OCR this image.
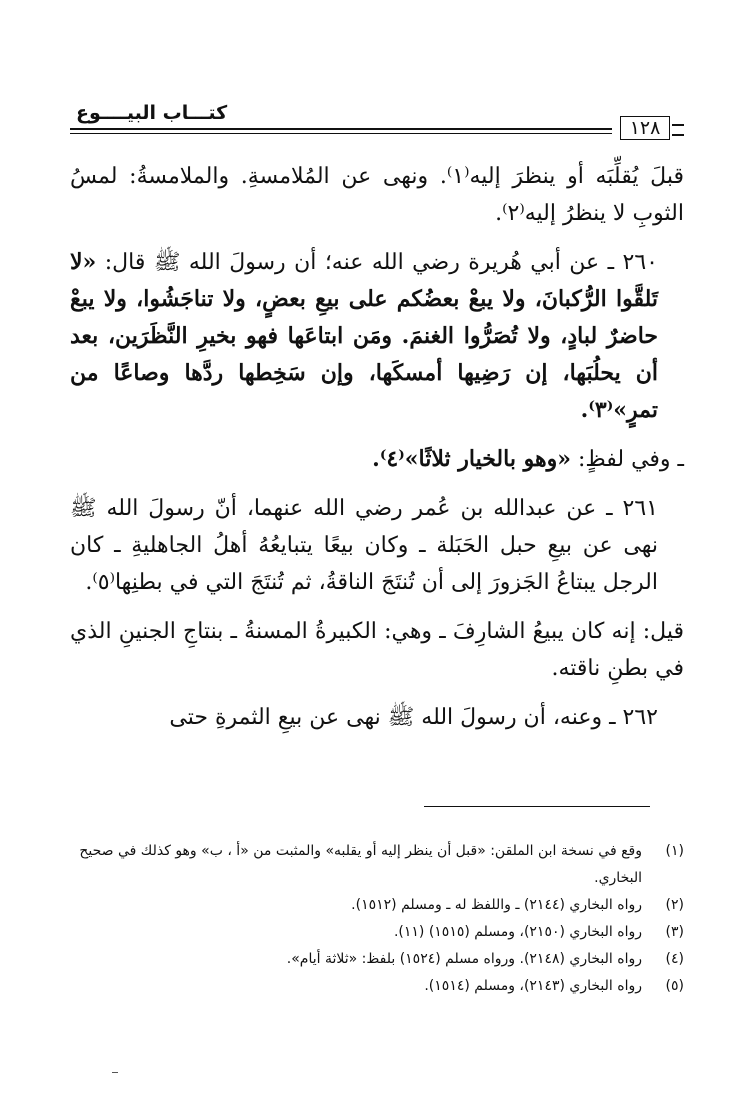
١٢٨
كتـــاب البيــــوع

قبلَ يُقلِّبَه أو ينظرَ إليه⁽١⁾. ونهى عن المُلامسةِ. والملامسةُ: لمسُ الثوبِ لا ينظرُ إليه⁽٢⁾.

٢٦٠ ـ عن أبي هُريرة رضي الله عنه؛ أن رسولَ الله ﷺ قال: «لا تَلقَّوا الرُّكبانَ، ولا يبعْ بعضُكم على بيعِ بعضٍ، ولا تناجَشُوا، ولا يبعْ حاضرٌ لبادٍ، ولا تُصَرُّوا الغنمَ. ومَن ابتاعَها فهو بخيرِ النَّظَرَين، بعد أن يحلُبَها، إن رَضِيها أمسكَها، وإن سَخِطها ردَّها وصاعًا من تمرٍ»⁽٣⁾.

ـ وفي لفظٍ: «وهو بالخيار ثلاثًا»⁽٤⁾.

٢٦١ ـ عن عبدالله بن عُمر رضي الله عنهما، أنّ رسولَ الله ﷺ نهى عن بيعِ حبل الحَبَلة ـ وكان بيعًا يتبايعُهُ أهلُ الجاهليةِ ـ كان الرجل يبتاعُ الجَزورَ إلى أن تُنتَجَ الناقةُ، ثم تُنتَجَ التي في بطنِها⁽٥⁾.

قيل: إنه كان يبيعُ الشارِفَ ـ وهي: الكبيرةُ المسنةُ ـ بنتاجِ الجنينِ الذي في بطنِ ناقته.

٢٦٢ ـ وعنه، أن رسولَ الله ﷺ نهى عن بيعِ الثمرةِ حتى

(١)
وقع في نسخة ابن الملقن: «قبل أن ينظر إليه أو يقلبه» والمثبت من «أ ، ب» وهو كذلك في صحيح البخاري.
(٢)
رواه البخاري (٢١٤٤) ـ واللفظ له ـ ومسلم (١٥١٢).
(٣)
رواه البخاري (٢١٥٠)، ومسلم (١٥١٥) (١١).
(٤)
رواه البخاري (٢١٤٨). ورواه مسلم (١٥٢٤) بلفظ: «ثلاثة أيام».
(٥)
رواه البخاري (٢١٤٣)، ومسلم (١٥١٤).
